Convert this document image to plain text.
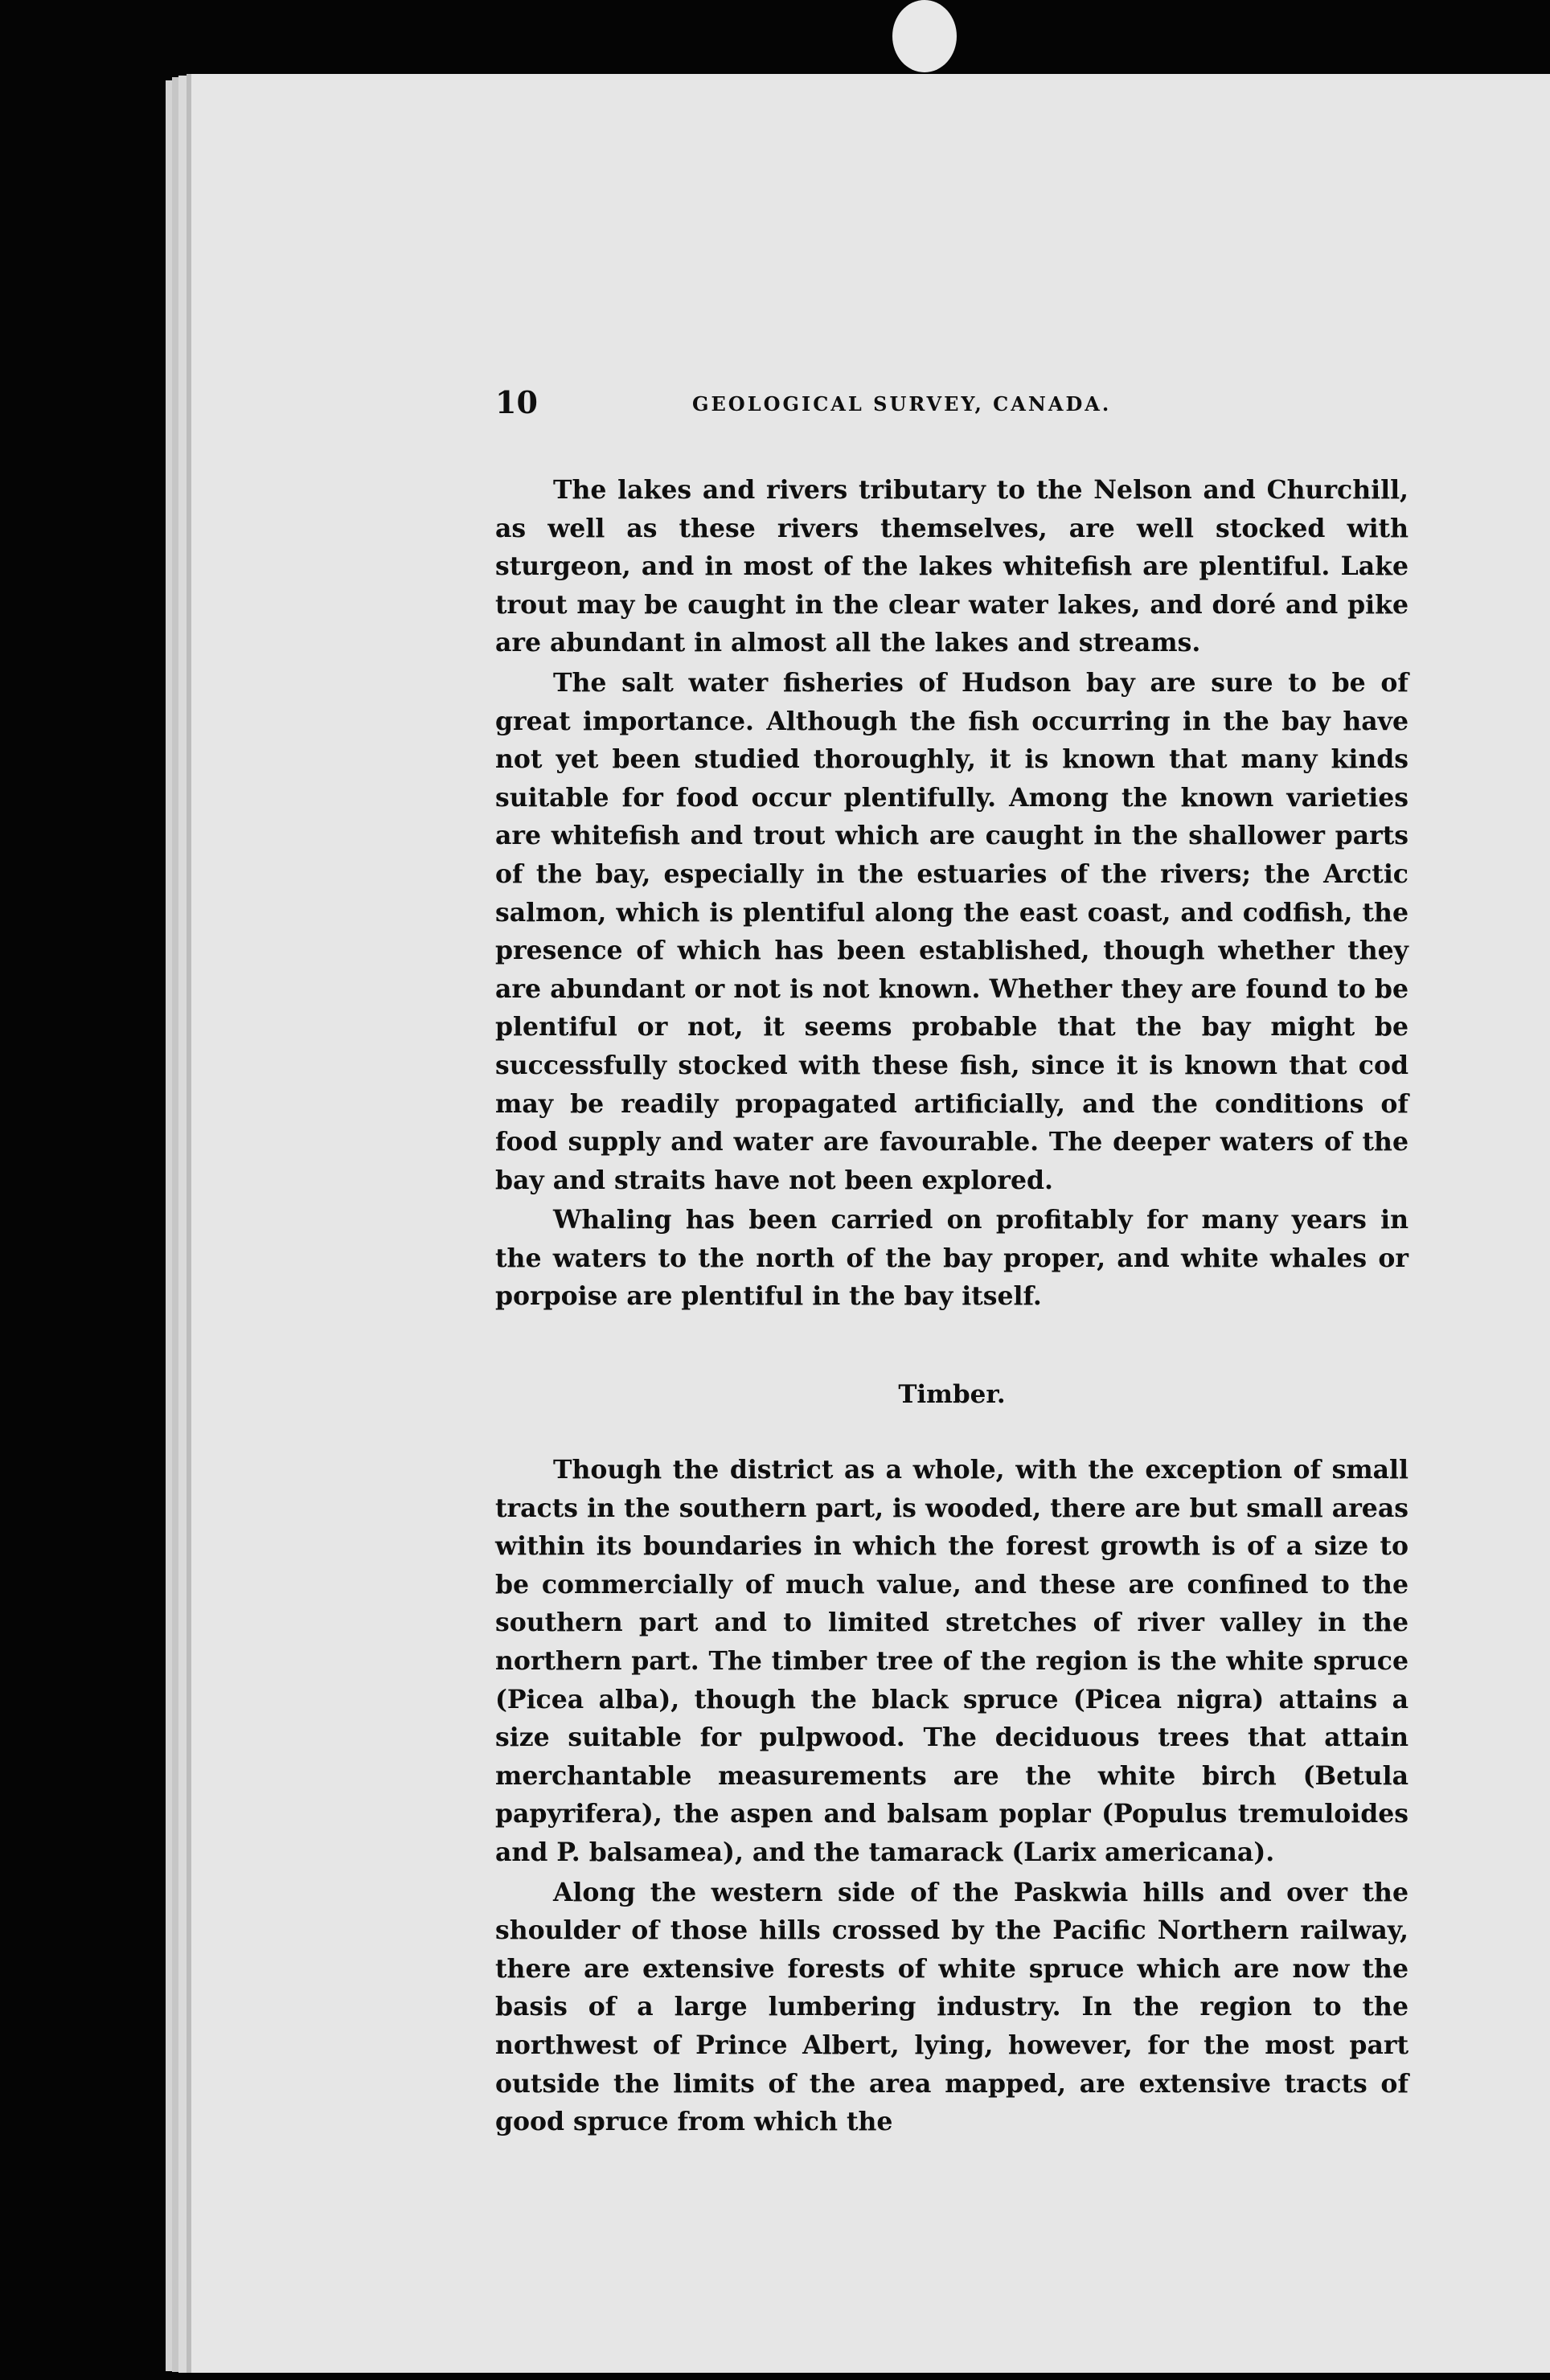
10	GEOLOGICAL SURVEY, CANADA.

The lakes and rivers tributary to the Nelson and Churchill, as well as these rivers themselves, are well stocked with sturgeon, and in most of the lakes whitefish are plentiful. Lake trout may be caught in the clear water lakes, and doré and pike are abundant in almost all the lakes and streams.

The salt water fisheries of Hudson bay are sure to be of great importance. Although the fish occurring in the bay have not yet been studied thoroughly, it is known that many kinds suitable for food occur plentifully. Among the known varieties are whitefish and trout which are caught in the shallower parts of the bay, especially in the estuaries of the rivers; the Arctic salmon, which is plentiful along the east coast, and codfish, the presence of which has been established, though whether they are abundant or not is not known. Whether they are found to be plentiful or not, it seems probable that the bay might be successfully stocked with these fish, since it is known that cod may be readily propagated artificially, and the conditions of food supply and water are favourable. The deeper waters of the bay and straits have not been explored.

Whaling has been carried on profitably for many years in the waters to the north of the bay proper, and white whales or porpoise are plentiful in the bay itself.

Timber.

Though the district as a whole, with the exception of small tracts in the southern part, is wooded, there are but small areas within its boundaries in which the forest growth is of a size to be commercially of much value, and these are confined to the southern part and to limited stretches of river valley in the northern part. The timber tree of the region is the white spruce (Picea alba), though the black spruce (Picea nigra) attains a size suitable for pulpwood. The deciduous trees that attain merchantable measurements are the white birch (Betula papyrifera), the aspen and balsam poplar (Populus tremuloides and P. balsamea), and the tamarack (Larix americana).

Along the western side of the Paskwia hills and over the shoulder of those hills crossed by the Pacific Northern railway, there are extensive forests of white spruce which are now the basis of a large lumbering industry. In the region to the northwest of Prince Albert, lying, however, for the most part outside the limits of the area mapped, are extensive tracts of good spruce from which the
